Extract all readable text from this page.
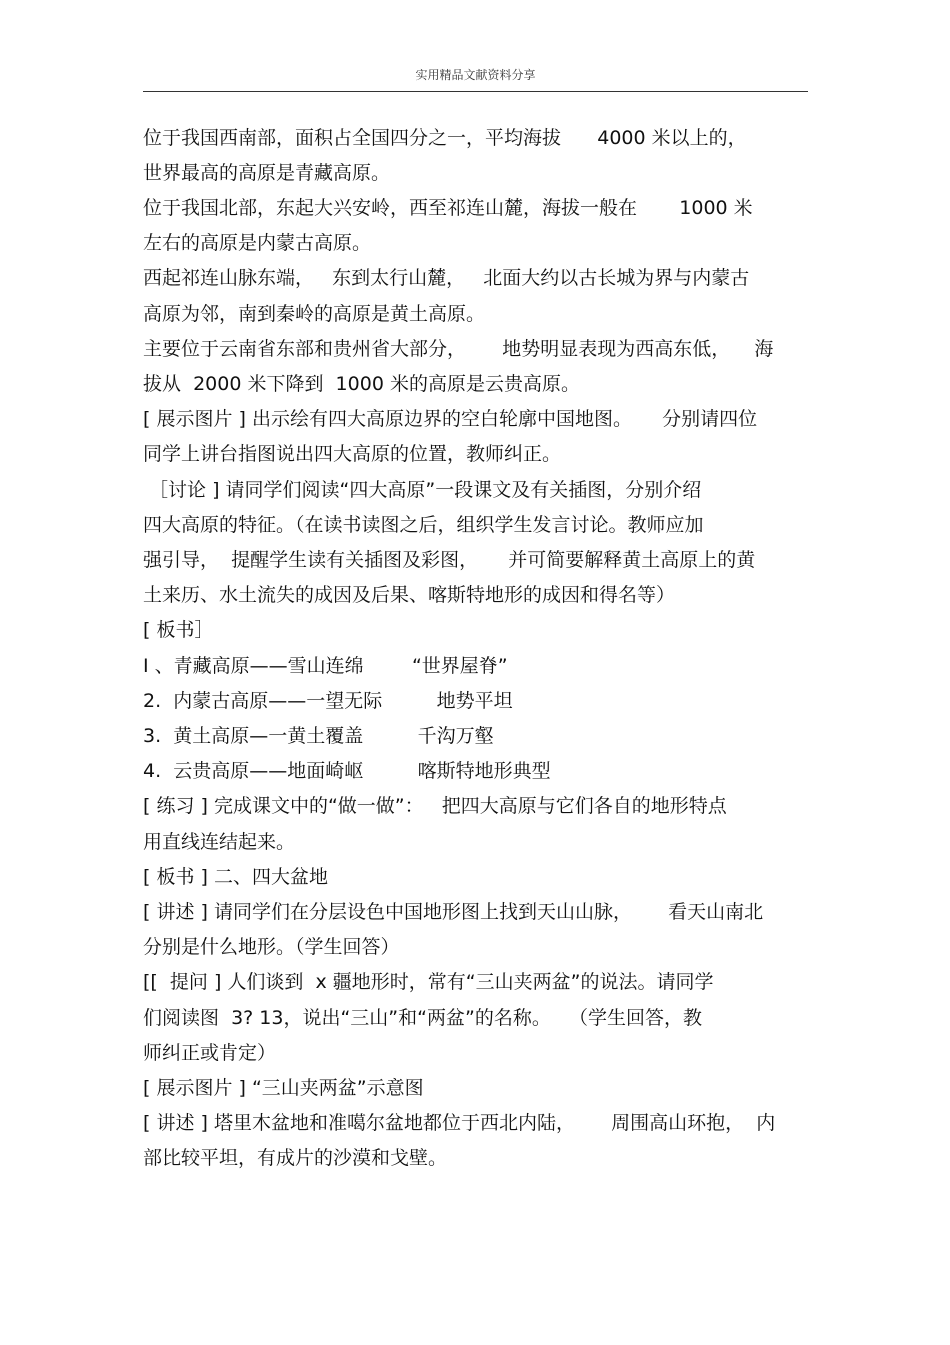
实用精品文献资料分享
位于我国西南部，面积占全国四分之一，平均海拔      4000 米以上的，
世界最高的高原是青藏高原。
位于我国北部，东起大兴安岭，西至祁连山麓，海拔一般在       1000 米
左右的高原是内蒙古高原。
西起祁连山脉东端，   东到太行山麓，   北面大约以古长城为界与内蒙古
高原为邻，南到秦岭的高原是黄土高原。
主要位于云南省东部和贵州省大部分，      地势明显表现为西高东低，    海
拔从  2000 米下降到  1000 米的高原是云贵高原。
[ 展示图片 ] 出示绘有四大高原边界的空白轮廓中国地图。     分别请四位
同学上讲台指图说出四大高原的位置，教师纠正。
［讨论 ] 请同学们阅读“四大高原”一段课文及有关插图，分别介绍
四大高原的特征。（在读书读图之后，组织学生发言讨论。教师应加
强引导，  提醒学生读有关插图及彩图，     并可简要解释黄土高原上的黄
土来历、水土流失的成因及后果、喀斯特地形的成因和得名等）
[ 板书］
I 、青藏高原——雪山连绵        “世界屋脊”
2.  内蒙古高原——一望无际         地势平坦
3.  黄土高原—一黄土覆盖         千沟万壑
4.  云贵高原——地面崎岖         喀斯特地形典型
[ 练习 ] 完成课文中的“做一做”：   把四大高原与它们各自的地形特点
用直线连结起来。
[ 板书 ] 二、四大盆地
[ 讲述 ] 请同学们在分层设色中国地形图上找到天山山脉，      看天山南北
分别是什么地形。（学生回答）
[[  提问 ] 人们谈到  x 疆地形时，常有“三山夹两盆”的说法。请同学
们阅读图  3? 13，说出“三山”和“两盆”的名称。   （学生回答，教
师纠正或肯定）
[ 展示图片 ] “三山夹两盆”示意图
[ 讲述 ] 塔里木盆地和准噶尔盆地都位于西北内陆，      周围高山环抱，  内
部比较平坦，有成片的沙漠和戈壁。
